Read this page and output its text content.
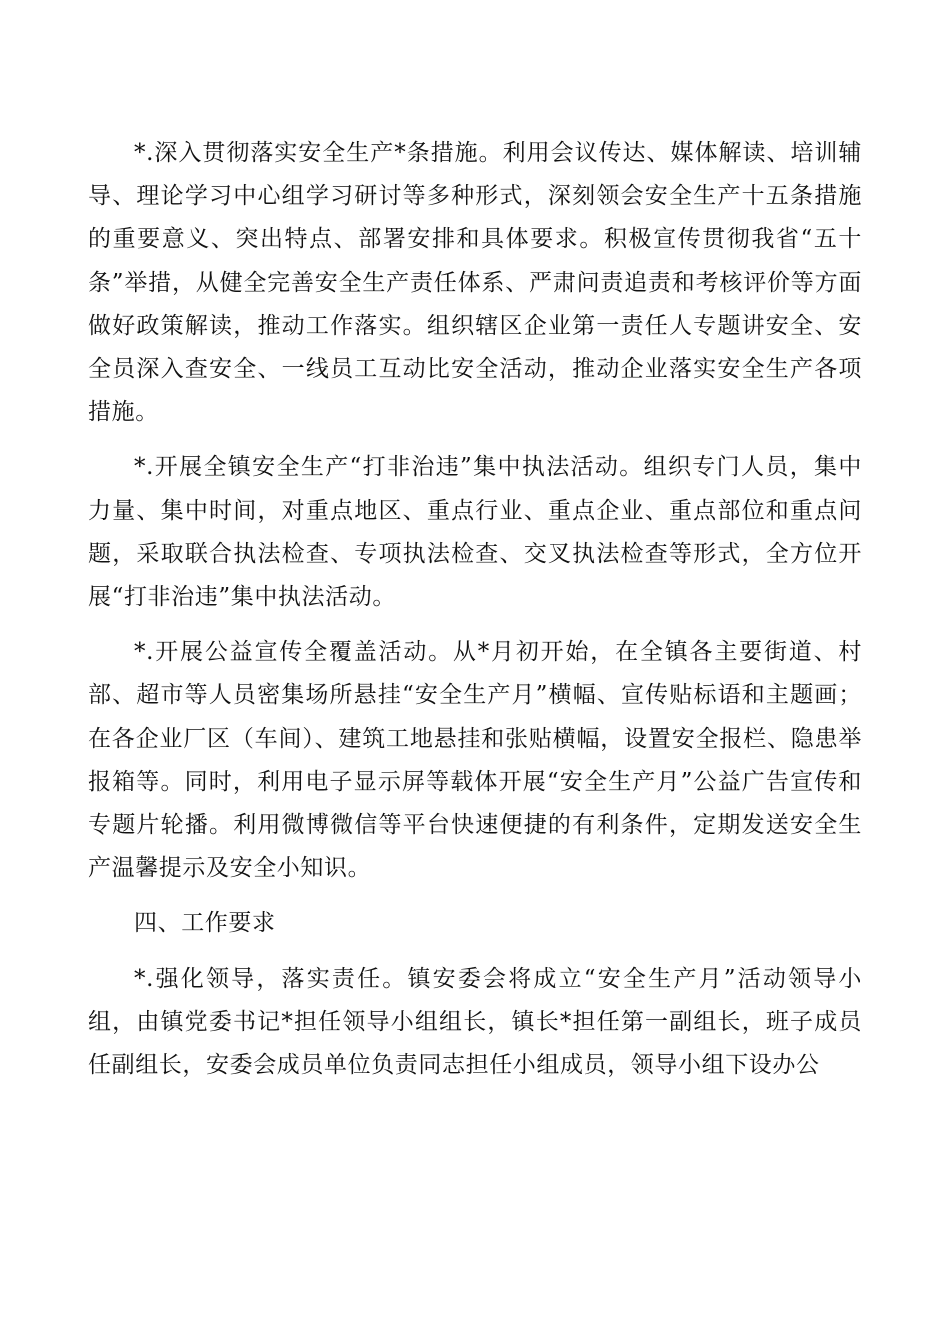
*.深入贯彻落实安全生产*条措施。利用会议传达、媒体解读、培训辅导、理论学习中心组学习研讨等多种形式，深刻领会安全生产十五条措施的重要意义、突出特点、部署安排和具体要求。积极宣传贯彻我省“五十条”举措，从健全完善安全生产责任体系、严肃问责追责和考核评价等方面做好政策解读，推动工作落实。组织辖区企业第一责任人专题讲安全、安全员深入查安全、一线员工互动比安全活动，推动企业落实安全生产各项措施。

*.开展全镇安全生产“打非治违”集中执法活动。组织专门人员，集中力量、集中时间，对重点地区、重点行业、重点企业、重点部位和重点问题，采取联合执法检查、专项执法检查、交叉执法检查等形式，全方位开展“打非治违”集中执法活动。

*.开展公益宣传全覆盖活动。从*月初开始，在全镇各主要街道、村部、超市等人员密集场所悬挂“安全生产月”横幅、宣传贴标语和主题画；在各企业厂区（车间）、建筑工地悬挂和张贴横幅，设置安全报栏、隐患举报箱等。同时，利用电子显示屏等载体开展“安全生产月”公益广告宣传和专题片轮播。利用微博微信等平台快速便捷的有利条件，定期发送安全生产温馨提示及安全小知识。

四、工作要求

*.强化领导，落实责任。镇安委会将成立“安全生产月”活动领导小组，由镇党委书记*担任领导小组组长，镇长*担任第一副组长，班子成员任副组长，安委会成员单位负责同志担任小组成员，领导小组下设办公
